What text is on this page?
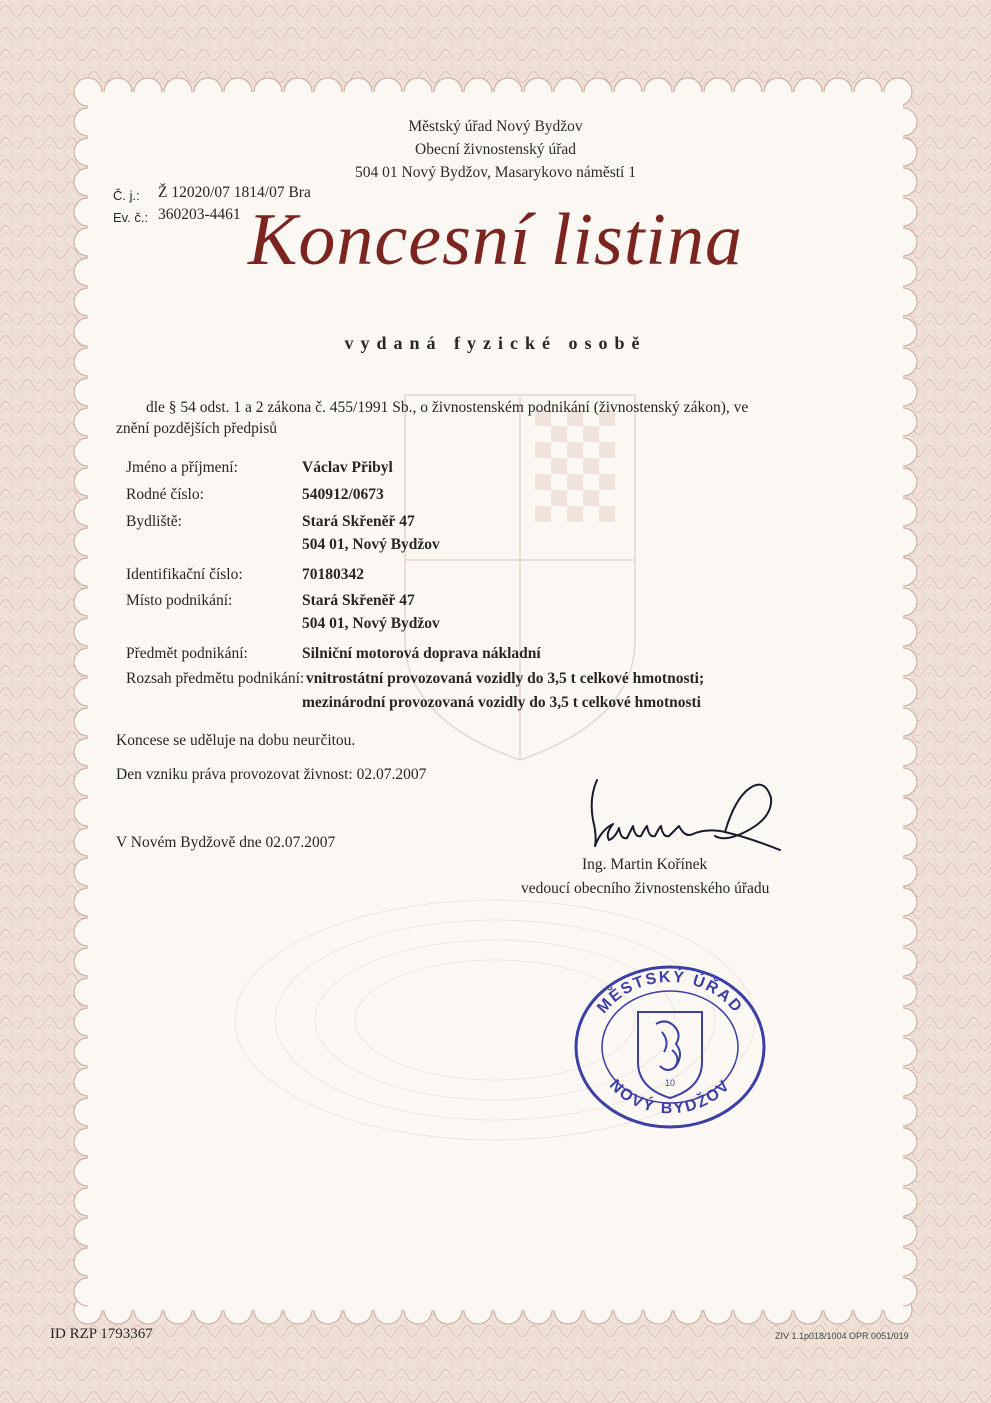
Městský úřad Nový Bydžov
Obecní živnostenský úřad
504 01 Nový Bydžov, Masarykovo náměstí 1
Č. j.: Ž 12020/07 1814/07 Bra
Ev. č.: 360203-4461 Koncesní listina
vydaná fyzické osobě
dle § 54 odst. 1 a 2 zákona č. 455/1991 Sb., o živnostenském podnikání (živnostenský zákon), ve
znění pozdějších předpisů
Jméno a příjmení:	Václav Přibyl
Rodné číslo:	540912/0673
Bydliště:	Stará Skřeněř 47
504 01, Nový Bydžov
Identifikační číslo:	70180342
Místo podnikání:	Stará Skřeněř 47
504 01, Nový Bydžov
Předmět podnikání:	Silniční motorová doprava nákladní
Rozsah předmětu podnikání: vnitrostátní provozovaná vozidly do 3,5 t celkové hmotnosti;
mezinárodní provozovaná vozidly do 3,5 t celkové hmotnosti
Koncese se uděluje na dobu neurčitou.
Den vzniku práva provozovat živnost: 02.07.2007
V Novém Bydžově dne 02.07.2007
Ing. Martin Kořínek
vedoucí obecního živnostenského úřadu
MĚSTSKÝ ÚŘAD
NOVÝ BYDŽOV
10
ID RZP 1793367	ZIV 1.1p018/1004 OPR 0051/019
